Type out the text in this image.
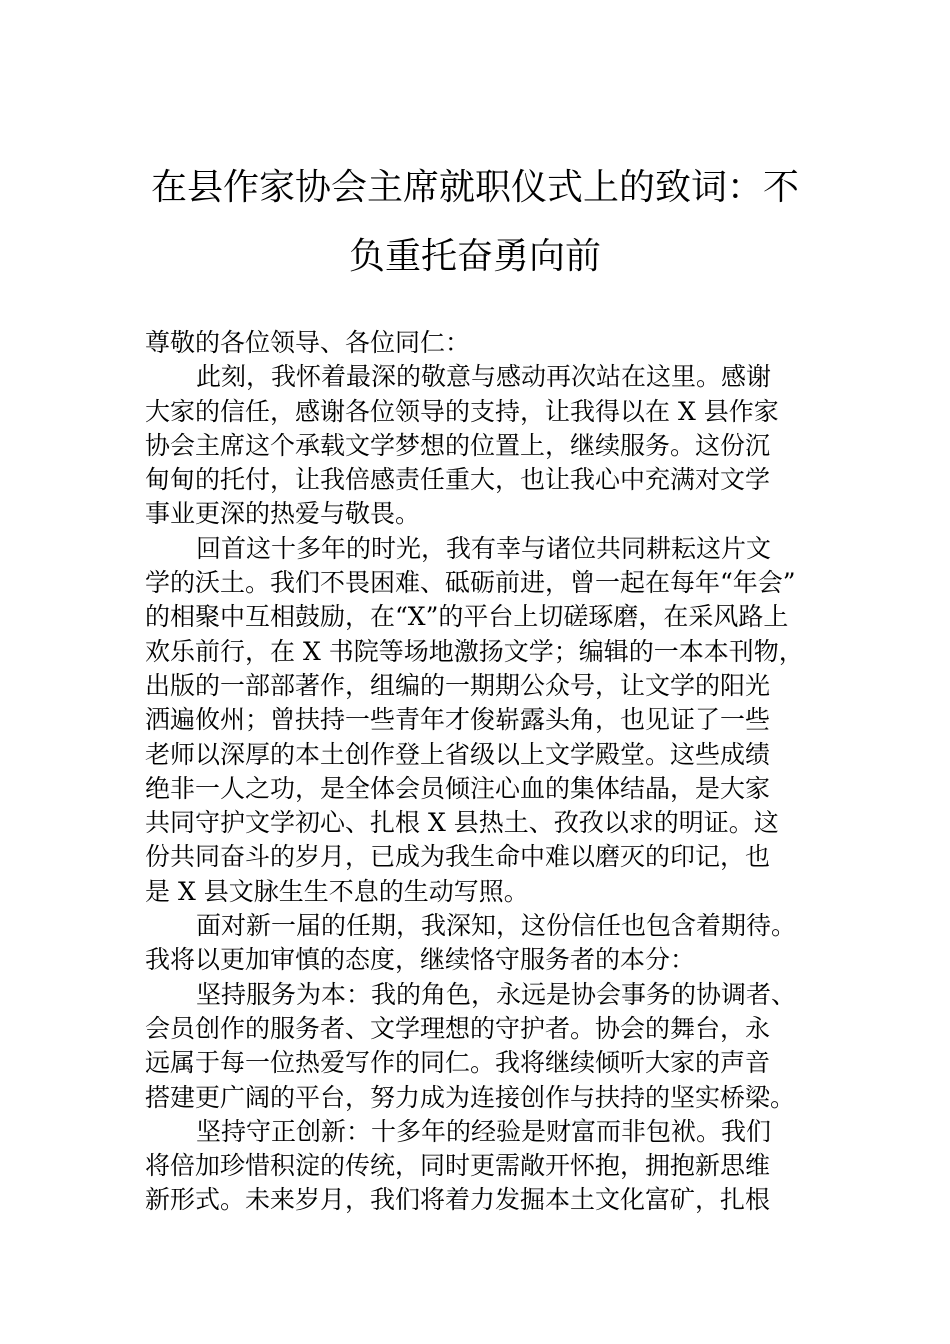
在县作家协会主席就职仪式上的致词：不
负重托奋勇向前
尊敬的各位领导、各位同仁：
此刻，我怀着最深的敬意与感动再次站在这里。感谢
大家的信任，感谢各位领导的支持，让我得以在 X 县作家
协会主席这个承载文学梦想的位置上，继续服务。这份沉
甸甸的托付，让我倍感责任重大，也让我心中充满对文学
事业更深的热爱与敬畏。
回首这十多年的时光，我有幸与诸位共同耕耘这片文
学的沃土。我们不畏困难、砥砺前进，曾一起在每年“年会”
的相聚中互相鼓励，在“X”的平台上切磋琢磨，在采风路上
欢乐前行，在 X 书院等场地激扬文学；编辑的一本本刊物，
出版的一部部著作，组编的一期期公众号，让文学的阳光
洒遍攸州；曾扶持一些青年才俊崭露头角，也见证了一些
老师以深厚的本土创作登上省级以上文学殿堂。这些成绩
绝非一人之功，是全体会员倾注心血的集体结晶，是大家
共同守护文学初心、扎根 X 县热土、孜孜以求的明证。这
份共同奋斗的岁月，已成为我生命中难以磨灭的印记，也
是 X 县文脉生生不息的生动写照。
面对新一届的任期，我深知，这份信任也包含着期待。
我将以更加审慎的态度，继续恪守服务者的本分：
坚持服务为本：我的角色，永远是协会事务的协调者、
会员创作的服务者、文学理想的守护者。协会的舞台，永
远属于每一位热爱写作的同仁。我将继续倾听大家的声音
搭建更广阔的平台，努力成为连接创作与扶持的坚实桥梁。
坚持守正创新：十多年的经验是财富而非包袱。我们
将倍加珍惜积淀的传统，同时更需敞开怀抱，拥抱新思维
新形式。未来岁月，我们将着力发掘本土文化富矿，扎根
